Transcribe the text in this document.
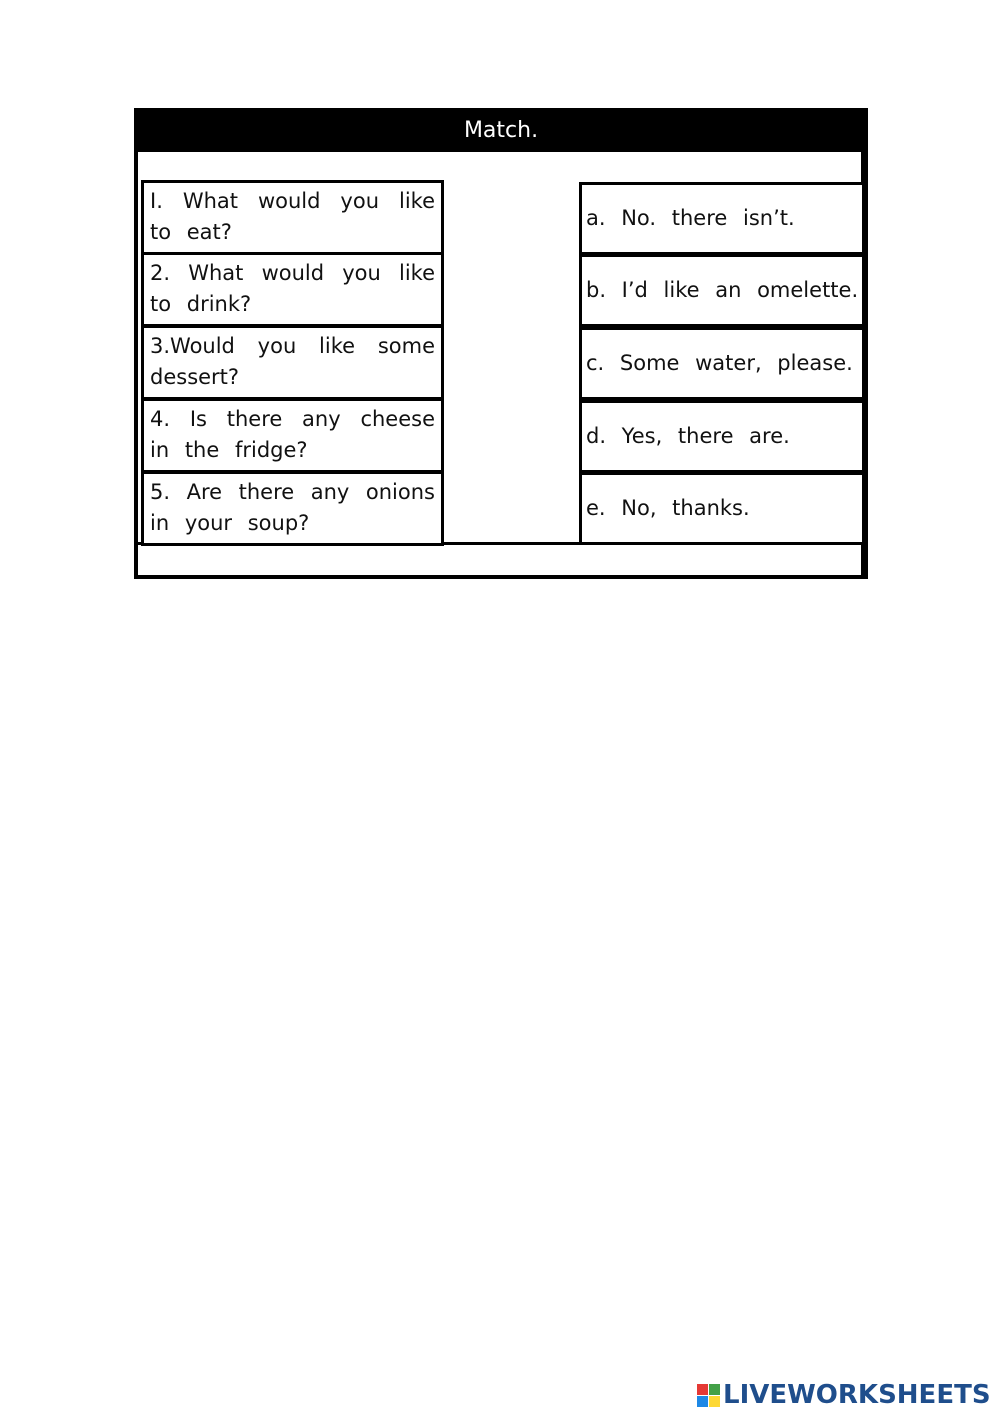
Match.
I. What would you like to eat?
2. What would you like to drink?
3.Would you like some dessert?
4. Is there any cheese in the fridge?
5. Are there any onions in your soup?
a. No. there isn’t.
b. I’d like an omelette.
c. Some water, please.
d. Yes, there are.
e. No, thanks.
LIVEWORKSHEETS
